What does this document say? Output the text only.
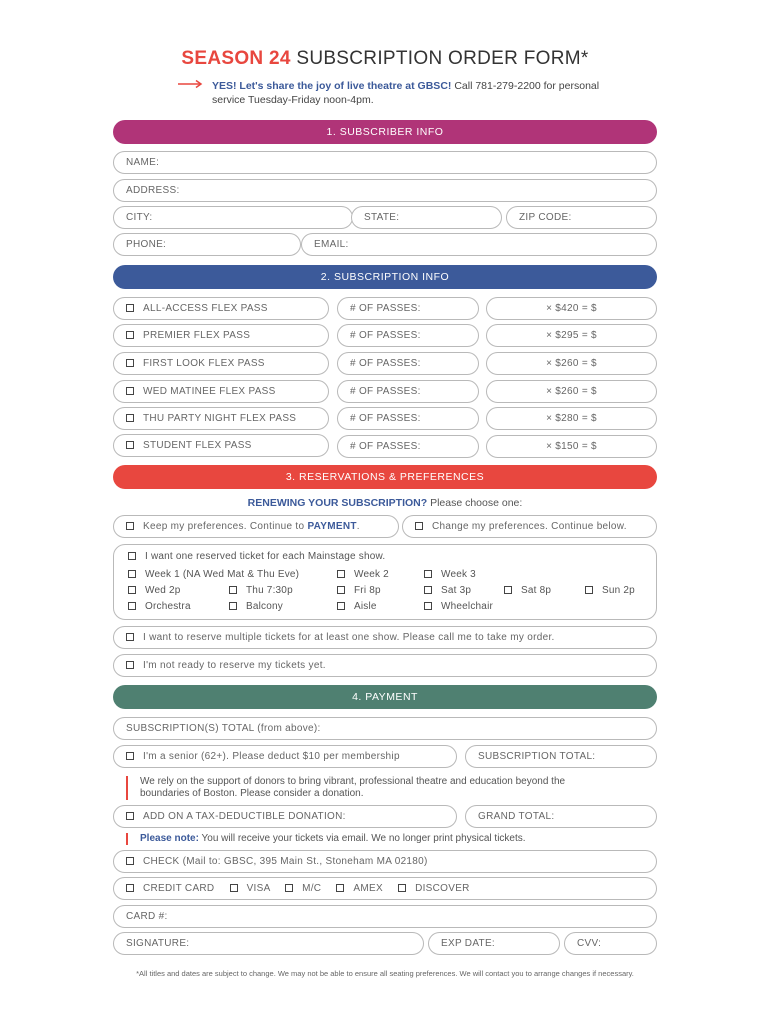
SEASON 24 SUBSCRIPTION ORDER FORM*
YES! Let's share the joy of live theatre at GBSC! Call 781-279-2200 for personal service Tuesday-Friday noon-4pm.
1. SUBSCRIBER INFO
NAME:
ADDRESS:
CITY:	STATE:	ZIP CODE:
PHONE:	EMAIL:
2. SUBSCRIPTION INFO
ALL-ACCESS FLEX PASS	# OF PASSES:	× $420 = $
PREMIER FLEX PASS	# OF PASSES:	× $295 = $
FIRST LOOK FLEX PASS	# OF PASSES:	× $260 = $
WED MATINEE FLEX PASS	# OF PASSES:	× $260 = $
THU PARTY NIGHT FLEX PASS	# OF PASSES:	× $280 = $
STUDENT FLEX PASS	# OF PASSES:	× $150 = $
3. RESERVATIONS & PREFERENCES
RENEWING YOUR SUBSCRIPTION? Please choose one:
Keep my preferences. Continue to PAYMENT.	Change my preferences. Continue below.
I want one reserved ticket for each Mainstage show.
Week 1 (NA Wed Mat & Thu Eve)	Week 2	Week 3
Wed 2p	Thu 7:30p	Fri 8p	Sat 3p	Sat 8p	Sun 2p
Orchestra	Balcony	Aisle	Wheelchair
I want to reserve multiple tickets for at least one show. Please call me to take my order.
I'm not ready to reserve my tickets yet.
4. PAYMENT
SUBSCRIPTION(S) TOTAL (from above):
I'm a senior (62+). Please deduct $10 per membership	SUBSCRIPTION TOTAL:
We rely on the support of donors to bring vibrant, professional theatre and education beyond the boundaries of Boston. Please consider a donation.
ADD ON A TAX-DEDUCTIBLE DONATION:	GRAND TOTAL:
Please note: You will receive your tickets via email. We no longer print physical tickets.
CHECK (Mail to: GBSC, 395 Main St., Stoneham MA 02180)
CREDIT CARD	VISA	M/C	AMEX	DISCOVER
CARD #:
SIGNATURE:	EXP DATE:	CVV:
*All titles and dates are subject to change. We may not be able to ensure all seating preferences. We will contact you to arrange changes if necessary.
